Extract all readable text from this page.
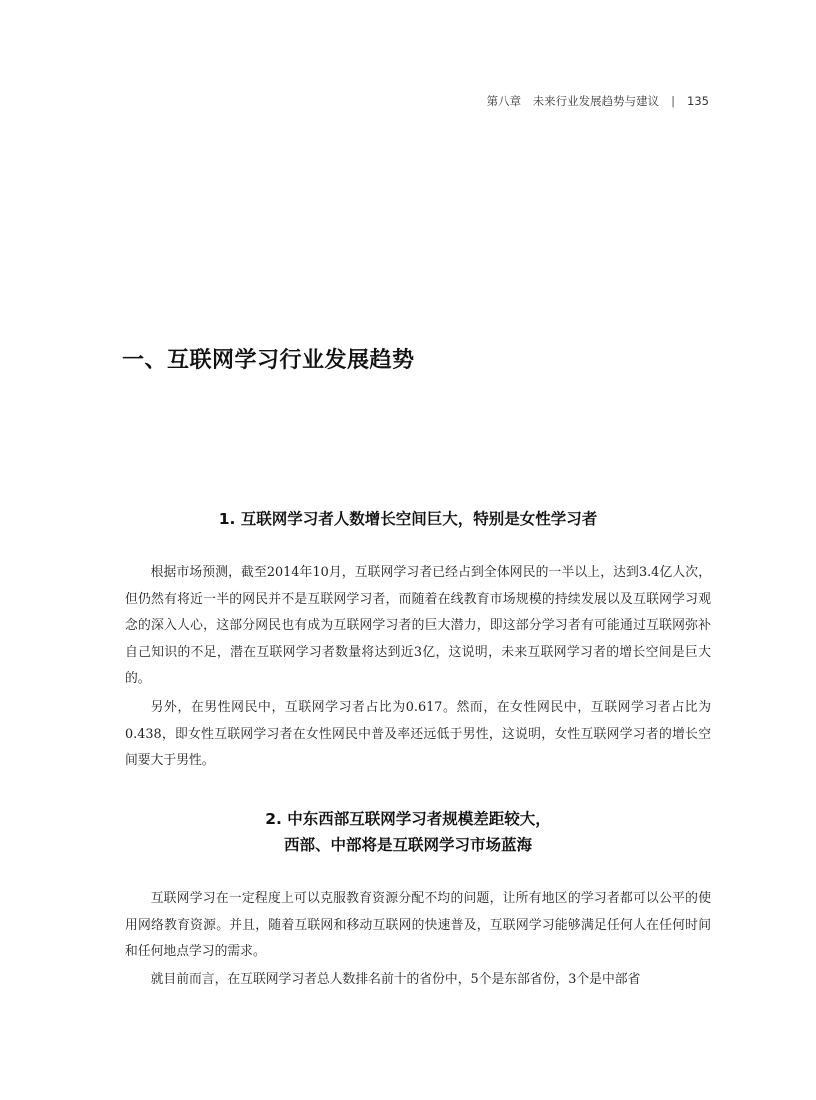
第八章　未来行业发展趋势与建议 | 135
一、互联网学习行业发展趋势
1. 互联网学习者人数增长空间巨大，特别是女性学习者

根据市场预测，截至2014年10月，互联网学习者已经占到全体网民的一半以上，达到3.4亿人次，但仍然有将近一半的网民并不是互联网学习者，而随着在线教育市场规模的持续发展以及互联网学习观念的深入人心，这部分网民也有成为互联网学习者的巨大潜力，即这部分学习者有可能通过互联网弥补自己知识的不足，潜在互联网学习者数量将达到近3亿，这说明，未来互联网学习者的增长空间是巨大的。

另外，在男性网民中，互联网学习者占比为0.617。然而，在女性网民中，互联网学习者占比为0.438，即女性互联网学习者在女性网民中普及率还远低于男性，这说明，女性互联网学习者的增长空间要大于男性。

2. 中东西部互联网学习者规模差距较大，
西部、中部将是互联网学习市场蓝海

互联网学习在一定程度上可以克服教育资源分配不均的问题，让所有地区的学习者都可以公平的使用网络教育资源。并且，随着互联网和移动互联网的快速普及，互联网学习能够满足任何人在任何时间和任何地点学习的需求。

就目前而言，在互联网学习者总人数排名前十的省份中，5个是东部省份，3个是中部省
